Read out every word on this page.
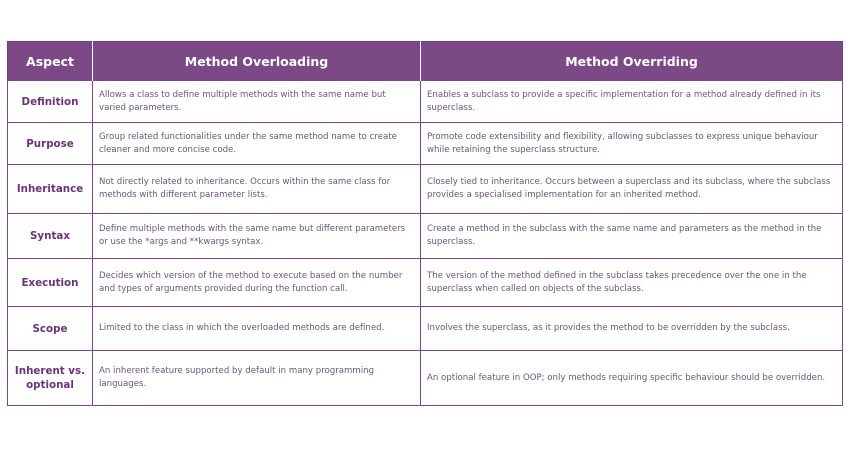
Aspect	Method Overloading	Method Overriding
Definition	Allows a class to define multiple methods with the same name but varied parameters.	Enables a subclass to provide a specific implementation for a method already defined in its superclass.
Purpose	Group related functionalities under the same method name to create cleaner and more concise code.	Promote code extensibility and flexibility, allowing subclasses to express unique behaviour while retaining the superclass structure.
Inheritance	Not directly related to inheritance. Occurs within the same class for methods with different parameter lists.	Closely tied to inheritance. Occurs between a superclass and its subclass, where the subclass provides a specialised implementation for an inherited method.
Syntax	Define multiple methods with the same name but different parameters or use the *args and **kwargs syntax.	Create a method in the subclass with the same name and parameters as the method in the superclass.
Execution	Decides which version of the method to execute based on the number and types of arguments provided during the function call.	The version of the method defined in the subclass takes precedence over the one in the superclass when called on objects of the subclass.
Scope	Limited to the class in which the overloaded methods are defined.	Involves the superclass, as it provides the method to be overridden by the subclass.
Inherent vs. optional	An inherent feature supported by default in many programming languages.	An optional feature in OOP; only methods requiring specific behaviour should be overridden.
